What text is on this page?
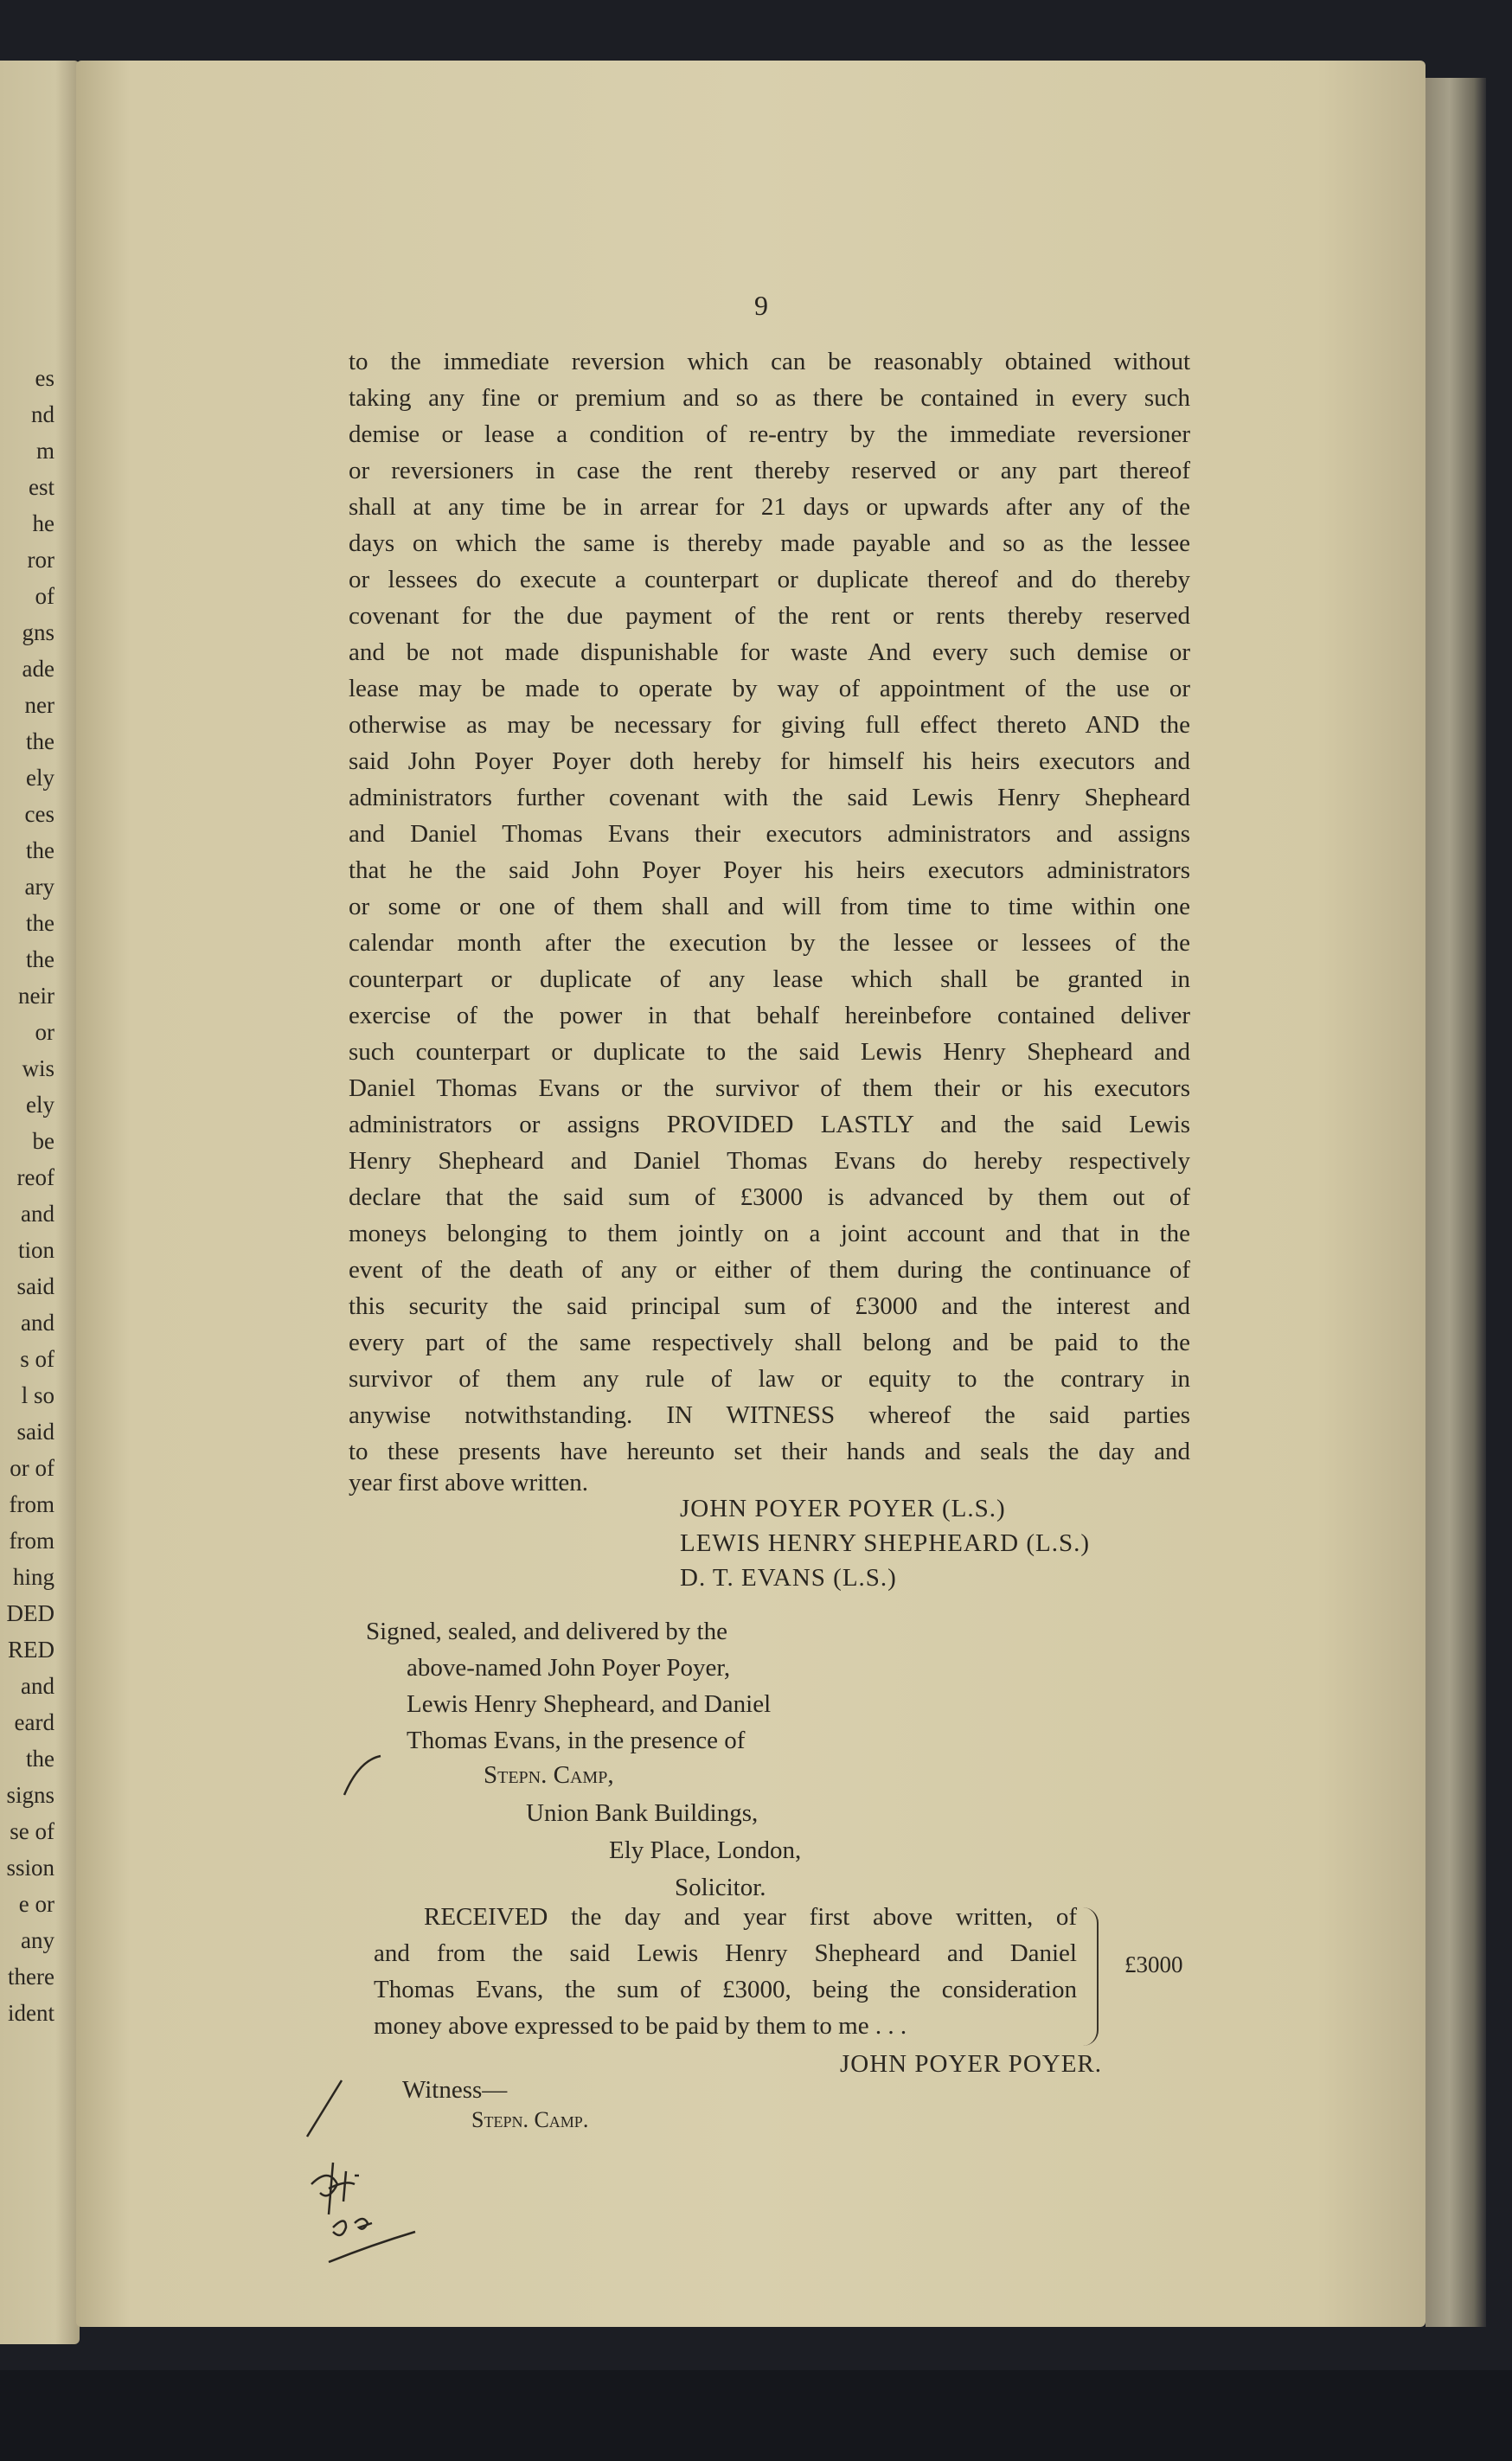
es
nd
m
est
he
ror
of
gns
ade
ner
the
ely
ces
the
ary
the
the
neir
or
wis
ely
be
reof
and
tion
said
and
s of
l so
said
or of
from
from
hing
DED
RED
and
eard
the
signs
se of
ssion
e or
any
there
ident
9
to the immediate reversion which can be reasonably obtained without
taking any fine or premium and so as there be contained in every such
demise or lease a condition of re-entry by the immediate reversioner
or reversioners in case the rent thereby reserved or any part thereof
shall at any time be in arrear for 21 days or upwards after any of the
days on which the same is thereby made payable and so as the lessee
or lessees do execute a counterpart or duplicate thereof and do thereby
covenant for the due payment of the rent or rents thereby reserved
and be not made dispunishable for waste And every such demise or
lease may be made to operate by way of appointment of the use or
otherwise as may be necessary for giving full effect thereto AND the
said John Poyer Poyer doth hereby for himself his heirs executors and
administrators further covenant with the said Lewis Henry Shepheard
and Daniel Thomas Evans their executors administrators and assigns
that he the said John Poyer Poyer his heirs executors administrators
or some or one of them shall and will from time to time within one
calendar month after the execution by the lessee or lessees of the
counterpart or duplicate of any lease which shall be granted in
exercise of the power in that behalf hereinbefore contained deliver
such counterpart or duplicate to the said Lewis Henry Shepheard and
Daniel Thomas Evans or the survivor of them their or his executors
administrators or assigns PROVIDED LASTLY and the said Lewis
Henry Shepheard and Daniel Thomas Evans do hereby respectively
declare that the said sum of £3000 is advanced by them out of
moneys belonging to them jointly on a joint account and that in the
event of the death of any or either of them during the continuance of
this security the said principal sum of £3000 and the interest and
every part of the same respectively shall belong and be paid to the
survivor of them any rule of law or equity to the contrary in
anywise notwithstanding. IN WITNESS whereof the said parties
to these presents have hereunto set their hands and seals the day and
year first above written.
JOHN POYER POYER (L.S.)
LEWIS HENRY SHEPHEARD (L.S.)
D. T. EVANS (L.S.)
Signed, sealed, and delivered by the
above-named John Poyer Poyer,
Lewis Henry Shepheard, and Daniel
Thomas Evans, in the presence of
Stepn. Camp,
Union Bank Buildings,
Ely Place, London,
Solicitor.
RECEIVED the day and year first above written, of
and from the said Lewis Henry Shepheard and Daniel
Thomas Evans, the sum of £3000, being the consideration
money above expressed to be paid by them to me . . .
£3000
JOHN POYER POYER.
Witness—
Stepn. Camp.
